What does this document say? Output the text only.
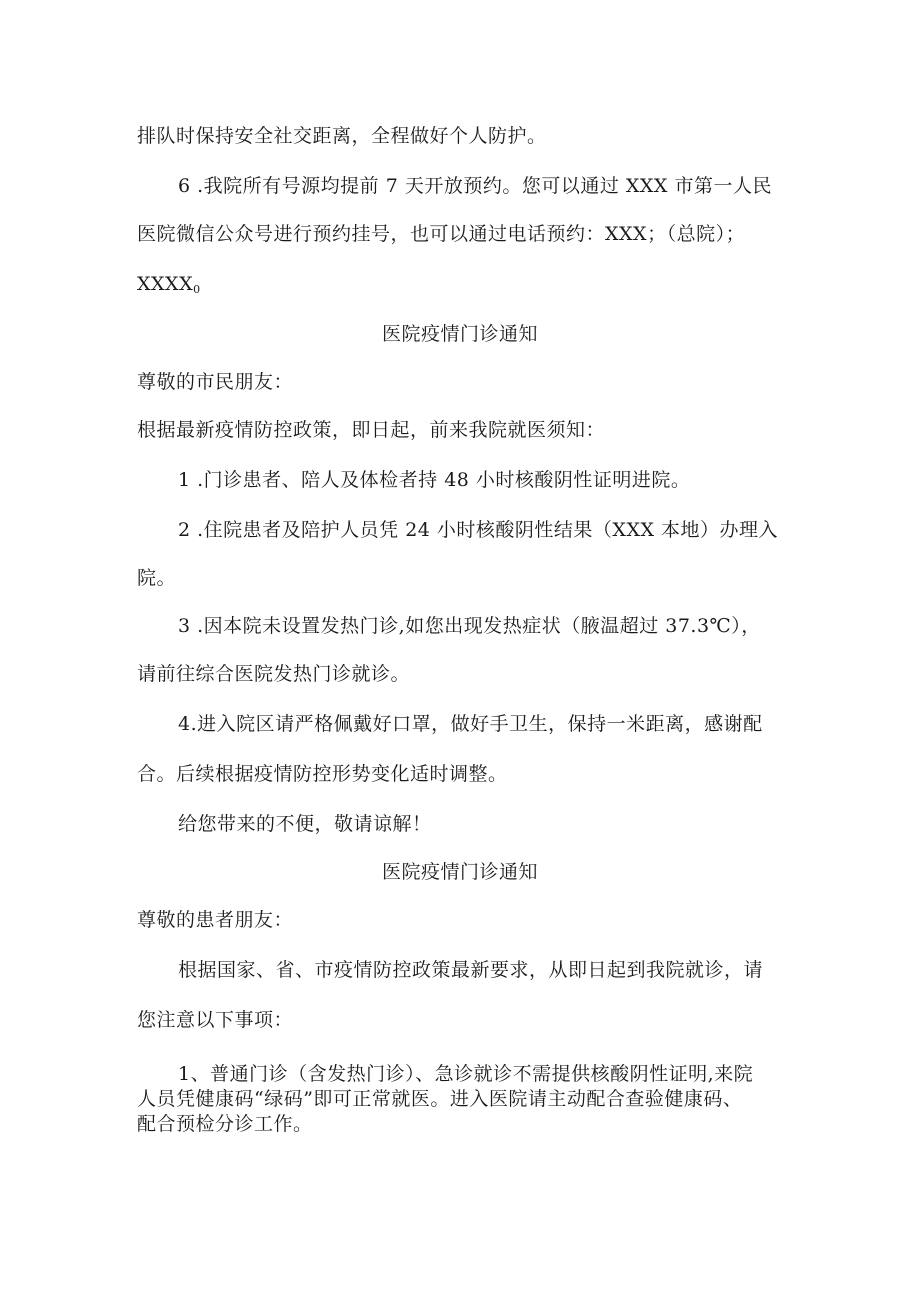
排队时保持安全社交距离，全程做好个人防护。
6 .我院所有号源均提前 7 天开放预约。您可以通过 XXX 市第一人民
医院微信公众号进行预约挂号，也可以通过电话预约：XXX；（总院）；
$XXXX_0$
医院疫情门诊通知
尊敬的市民朋友：
根据最新疫情防控政策，即日起，前来我院就医须知：
1 .门诊患者、陪人及体检者持 48 小时核酸阴性证明进院。
2 .住院患者及陪护人员凭 24 小时核酸阴性结果（XXX 本地）办理入
院。
3 .因本院未设置发热门诊,如您出现发热症状（腋温超过 37.3℃），
请前往综合医院发热门诊就诊。
4.进入院区请严格佩戴好口罩，做好手卫生，保持一米距离，感谢配
合。后续根据疫情防控形势变化适时调整。
给您带来的不便，敬请谅解！
医院疫情门诊通知
尊敬的患者朋友：
根据国家、省、市疫情防控政策最新要求，从即日起到我院就诊，请
您注意以下事项：
1、普通门诊（含发热门诊）、急诊就诊不需提供核酸阴性证明,来院
人员凭健康码“绿码”即可正常就医。进入医院请主动配合查验健康码、
配合预检分诊工作。
